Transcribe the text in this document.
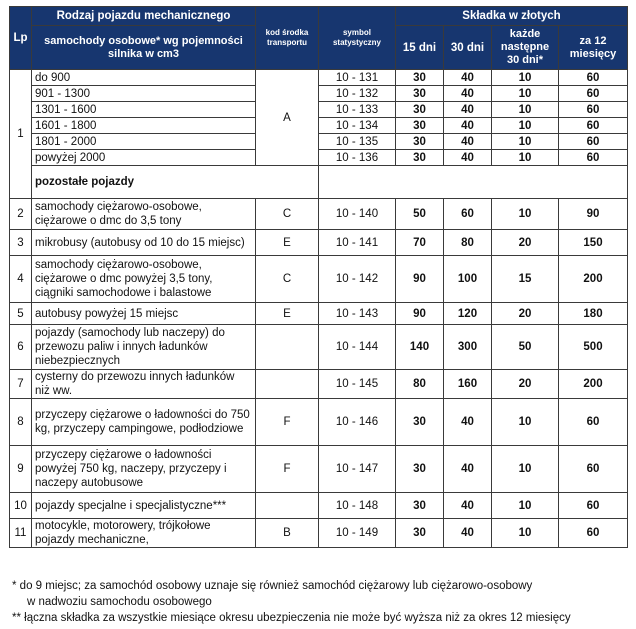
Lp	Rodzaj pojazdu mechanicznego	kod środka transportu	symbol statystyczny	Składka w złotych			
	samochody osobowe* wg pojemności silnika w cm3			15 dni	30 dni	każde następne 30 dni*	za 12 miesięcy

1	do 900	A	10 - 131	30	40	10	60
	901 - 1300		10 - 132	30	40	10	60
	1301 - 1600		10 - 133	30	40	10	60
	1601 - 1800		10 - 134	30	40	10	60
	1801 - 2000		10 - 135	30	40	10	60
	powyżej 2000		10 - 136	30	40	10	60
	pozostałe pojazdy						
2	samochody ciężarowo-osobowe, ciężarowe o dmc do 3,5 tony	C	10 - 140	50	60	10	90
3	mikrobusy (autobusy od 10 do 15 miejsc)	E	10 - 141	70	80	20	150
4	samochody ciężarowo-osobowe, ciężarowe o dmc powyżej 3,5 tony, ciągniki samochodowe i balastowe	C	10 - 142	90	100	15	200
5	autobusy powyżej 15 miejsc	E	10 - 143	90	120	20	180
6	pojazdy (samochody lub naczepy) do przewozu paliw i innych ładunków niebezpiecznych		10 - 144	140	300	50	500
7	cysterny do przewozu innych ładunków niż ww.		10 - 145	80	160	20	200
8	przyczepy ciężarowe o ładowności do 750 kg, przyczepy campingowe, podłodziowe	F	10 - 146	30	40	10	60
9	przyczepy ciężarowe o ładowności powyżej 750 kg, naczepy, przyczepy i naczepy autobusowe	F	10 - 147	30	40	10	60
10	pojazdy specjalne i specjalistyczne***		10 - 148	30	40	10	60
11	motocykle, motorowery, trójkołowe pojazdy mechaniczne,	B	10 - 149	30	40	10	60
* do 9 miejsc; za samochód osobowy uznaje się również samochód ciężarowy lub ciężarowo-osobowy
w nadwoziu samochodu osobowego
** łączna składka za wszystkie miesiące okresu ubezpieczenia nie może być wyższa niż za okres 12 miesięcy
